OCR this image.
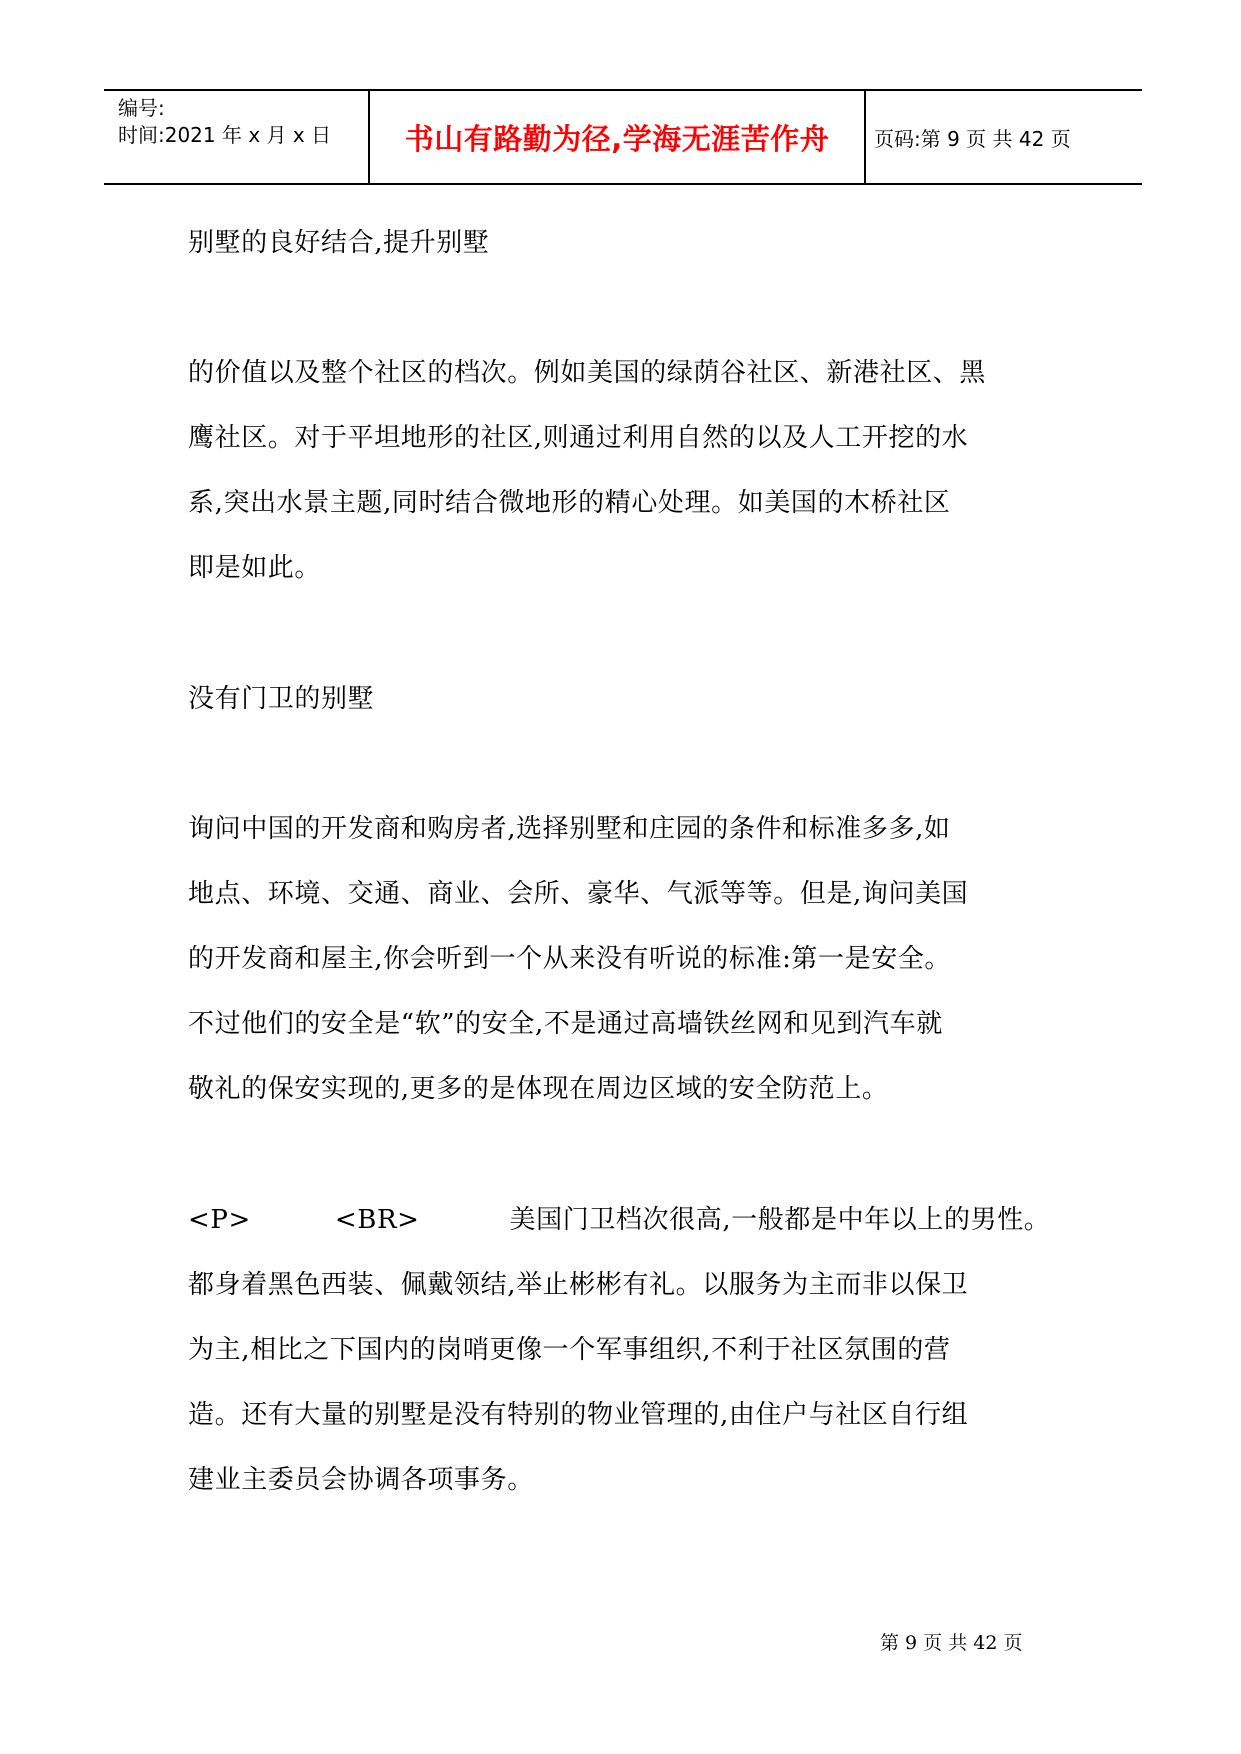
编号:
时间:2021 年 x 月 x 日	书山有路勤为径,学海无涯苦作舟	页码:第 9 页 共 42 页
别墅的良好结合,提升别墅
的价值以及整个社区的档次。例如美国的绿荫谷社区、新港社区、黑
鹰社区。对于平坦地形的社区,则通过利用自然的以及人工开挖的水
系,突出水景主题,同时结合微地形的精心处理。如美国的木桥社区
即是如此。
没有门卫的别墅
询问中国的开发商和购房者,选择别墅和庄园的条件和标准多多,如
地点、环境、交通、商业、会所、豪华、气派等等。但是,询问美国
的开发商和屋主,你会听到一个从来没有听说的标准:第一是安全。
不过他们的安全是“软”的安全,不是通过高墙铁丝网和见到汽车就
敬礼的保安实现的,更多的是体现在周边区域的安全防范上。
<P>	<BR>	美国门卫档次很高,一般都是中年以上的男性。
都身着黑色西装、佩戴领结,举止彬彬有礼。以服务为主而非以保卫
为主,相比之下国内的岗哨更像一个军事组织,不利于社区氛围的营
造。还有大量的别墅是没有特别的物业管理的,由住户与社区自行组
建业主委员会协调各项事务。
第 9 页 共 42 页
